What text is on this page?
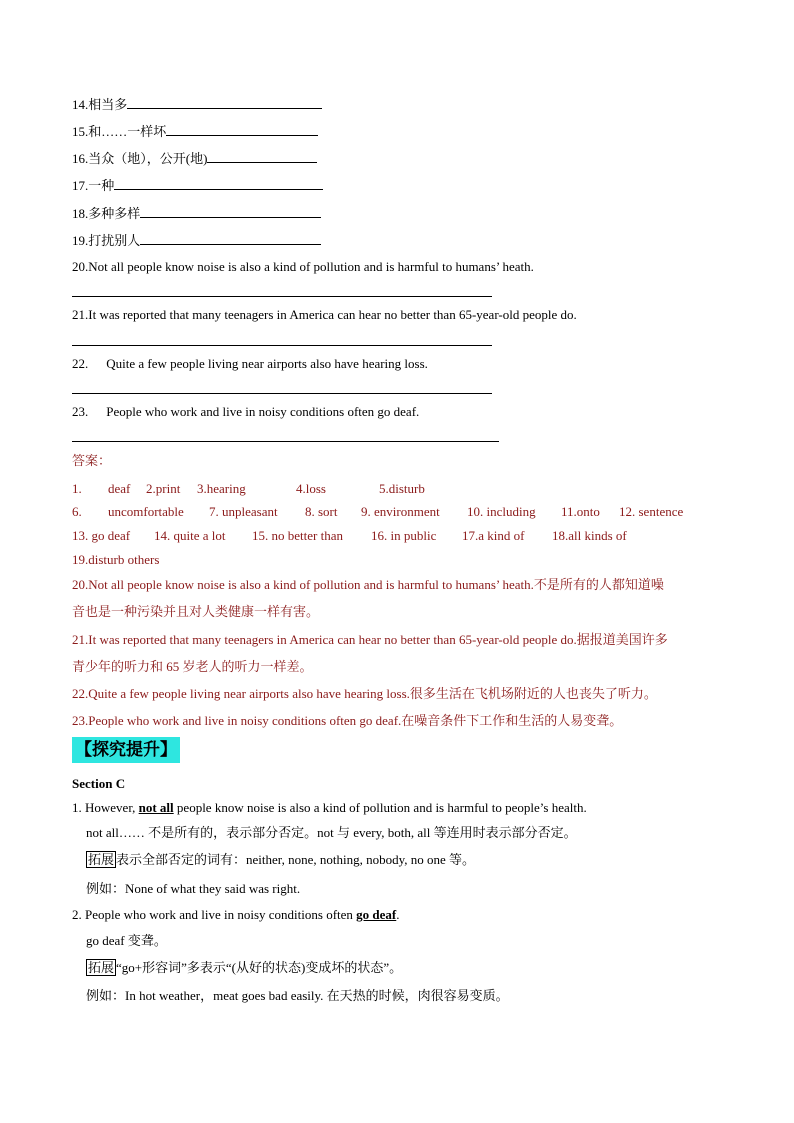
14.相当多
15.和……一样坏
16.当众（地），公开(地)
17.一种
18.多种多样
19.打扰别人
20.Not all people know noise is also a kind of pollution and is harmful to humans’ heath.
21.It was reported that many teenagers in America can hear no better than 65-year-old people do.
22. Quite a few people living near airports also have hearing loss.
23. People who work and live in noisy conditions often go deaf.
答案：
1. deaf 2.print 3.hearing	4.loss	5.disturb
6. uncomfortable 7. unpleasant 8. sort 9. environment 10. including 11.onto 12. sentence
13. go deaf 14. quite a lot 15. no better than 16. in public 17.a kind of 18.all kinds of
19.disturb others
20.Not all people know noise is also a kind of pollution and is harmful to humans’ heath.不是所有的人都知道噪
音也是一种污染并且对人类健康一样有害。
21.It was reported that many teenagers in America can hear no better than 65-year-old people do.据报道美国许多
青少年的听力和 65 岁老人的听力一样差。
22.Quite a few people living near airports also have hearing loss.很多生活在飞机场附近的人也丧失了听力。
23.People who work and live in noisy conditions often go deaf.在噪音条件下工作和生活的人易变聋。
【探究提升】
Section C
1. However, not all people know noise is also a kind of pollution and is harmful to people’s health.
not all…… 不是所有的，表示部分否定。not 与 every, both, all 等连用时表示部分否定。
拓展 表示全部否定的词有：neither, none, nothing, nobody, no one 等。
例如：None of what they said was right.
2. People who work and live in noisy conditions often go deaf.
go deaf 变聋。
拓展 “go+形容词”多表示“(从好的状态)变成坏的状态”。
例如：In hot weather，meat goes bad easily. 在天热的时候，肉很容易变质。
